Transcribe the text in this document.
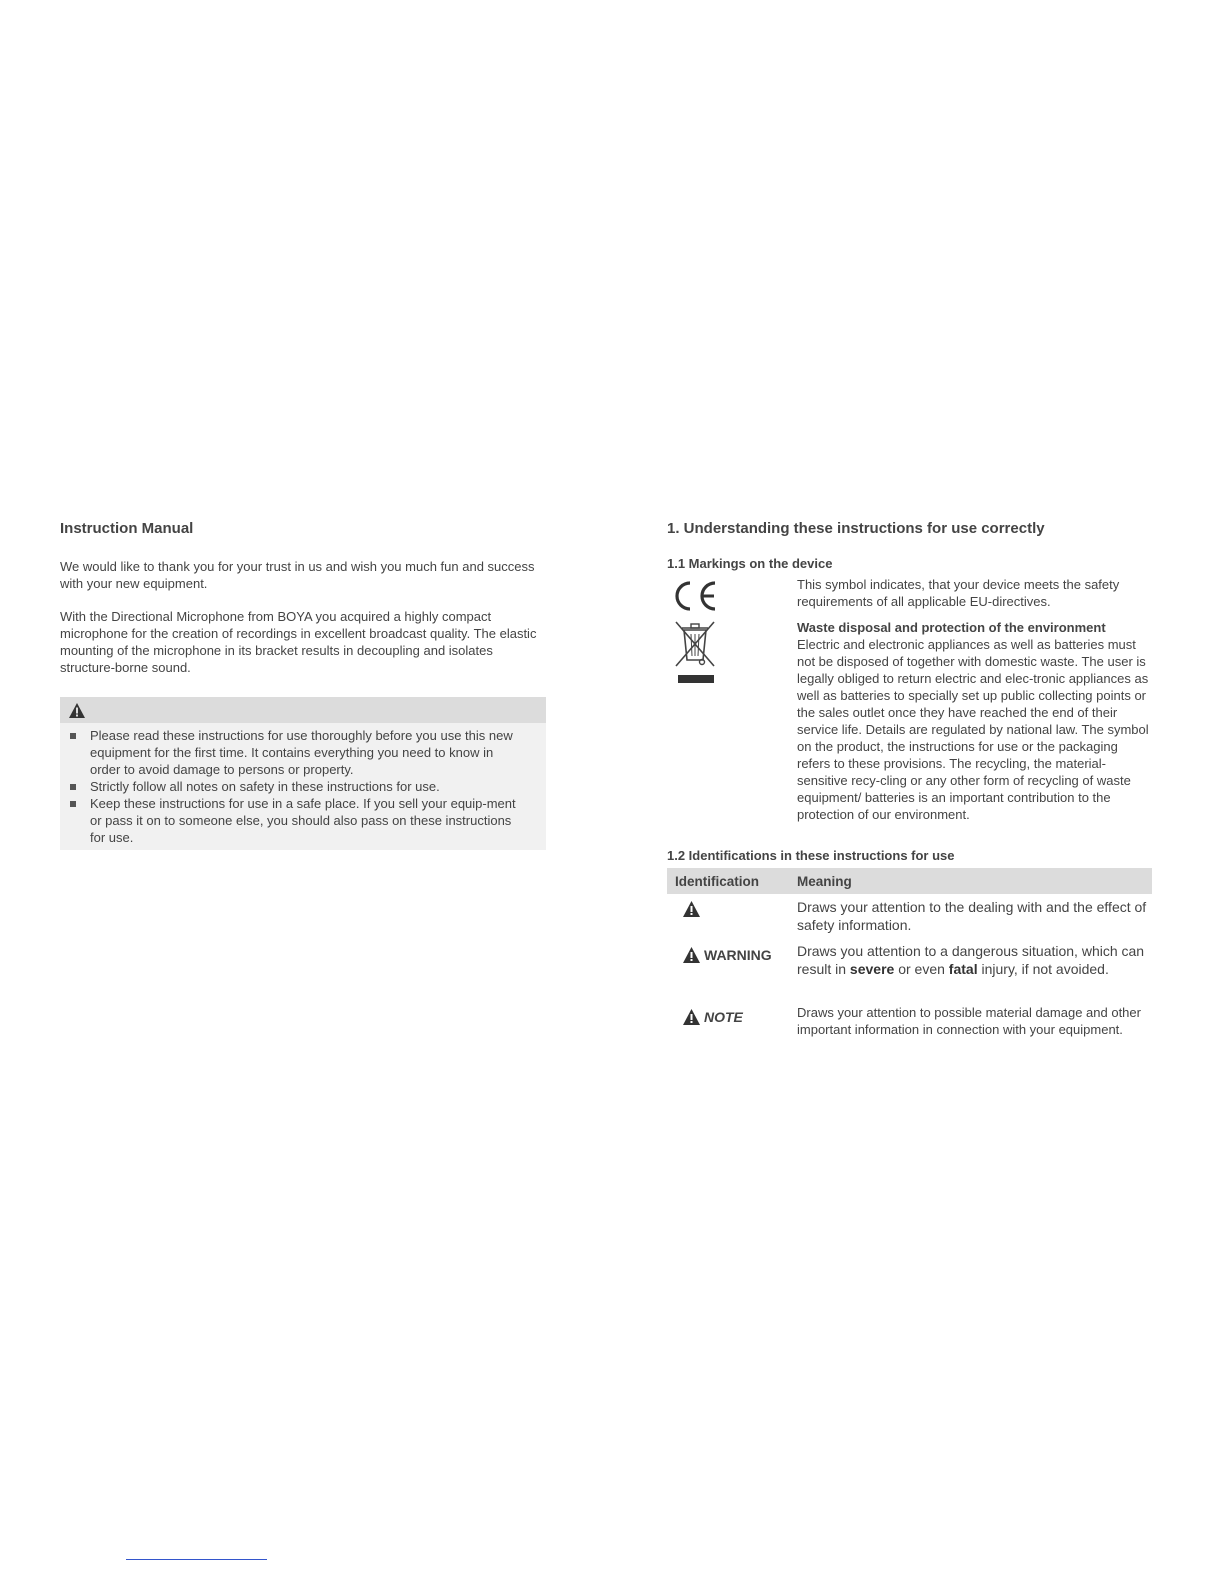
Instruction Manual
We would like to thank you for your trust in us and wish you much fun and success with your new equipment.
With the Directional Microphone from BOYA you acquired a highly compact microphone for the creation of recordings in excellent broadcast quality. The elastic mounting of the microphone in its bracket results in decoupling and isolates structure-borne sound.
Please read these instructions for use thoroughly before you use this new equipment for the first time. It contains everything you need to know in order to avoid damage to persons or property.
Strictly follow all notes on safety in these instructions for use.
Keep these instructions for use in a safe place. If you sell your equip-ment or pass it on to someone else, you should also pass on these instructions for use.
1. Understanding these instructions for use correctly
1.1 Markings on the device
This symbol indicates, that your device meets the safety requirements of all applicable EU-directives.
Waste disposal and protection of the environment
Electric and electronic appliances as well as batteries must not be disposed of together with domestic waste. The user is legally obliged to return electric and elec-tronic appliances as well as batteries to specially set up public collecting points or the sales outlet once they have reached the end of their service life. Details are regulated by national law. The symbol on the product, the instructions for use or the packaging refers to these provisions. The recycling, the material-sensitive recy-cling or any other form of recycling of waste equipment/ batteries is an important contribution to the protection of our environment.
1.2 Identifications in these instructions for use
Identification	Meaning
Draws your attention to the dealing with and the effect of safety information.
WARNING Draws you attention to a dangerous situation, which can result in severe or even fatal injury, if not avoided.
NOTE	Draws your attention to possible material damage and other important information in connection with your equipment.
